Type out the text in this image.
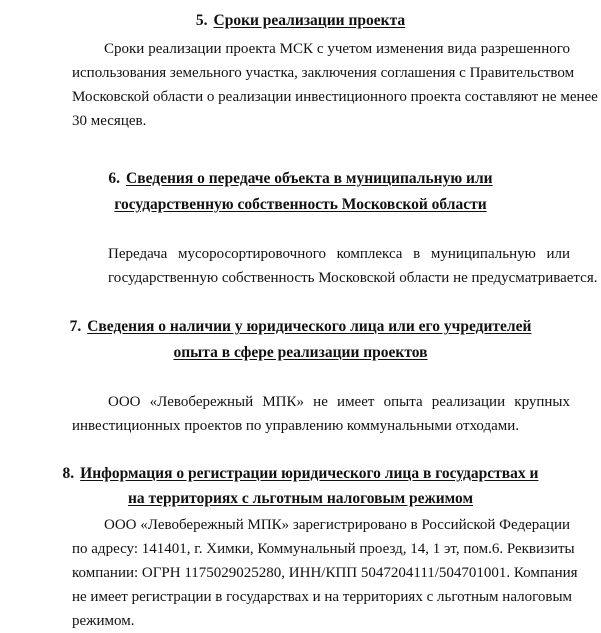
5. Сроки реализации проекта
Сроки реализации проекта МСК с учетом изменения вида разрешенного
использования земельного участка, заключения соглашения с Правительством
Московской области о реализации инвестиционного проекта составляют не менее
30 месяцев.
6. Сведения о передаче объекта в муниципальную или
государственную собственность Московской области
Передача мусоросортировочного комплекса в муниципальную или
государственную собственность Московской области не предусматривается.
7. Сведения о наличии у юридического лица или его учредителей
опыта в сфере реализации проектов
ООО «Левобережный МПК» не имеет опыта реализации крупных
инвестиционных проектов по управлению коммунальными отходами.
8. Информация о регистрации юридического лица в государствах и
на территориях с льготным налоговым режимом
ООО «Левобережный МПК» зарегистрировано в Российской Федерации
по адресу: 141401, г. Химки, Коммунальный проезд, 14, 1 эт, пом.6. Реквизиты
компании: ОГРН 1175029025280, ИНН/КПП 5047204111/504701001. Компания
не имеет регистрации в государствах и на территориях с льготным налоговым
режимом.
